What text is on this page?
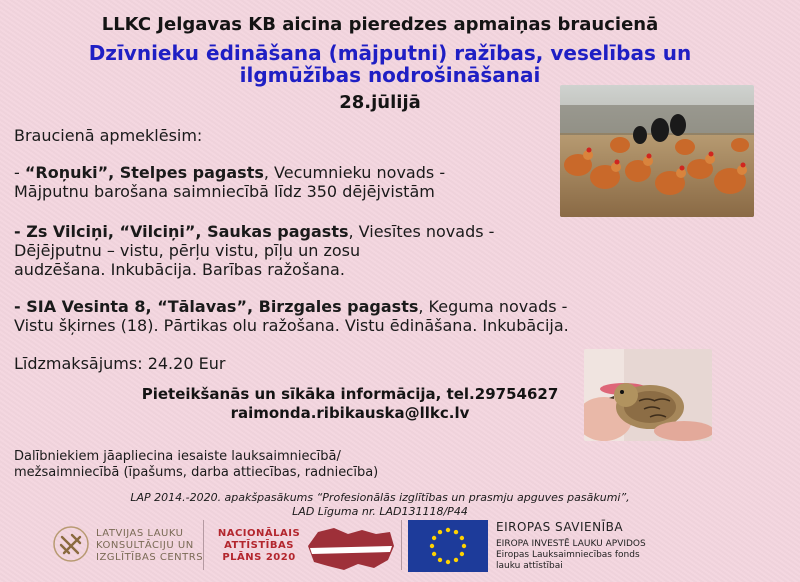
LLKC Jelgavas KB aicina pieredzes apmaiņas braucienā
Dzīvnieku ēdināšana (mājputni) ražības, veselības un
ilgmūžības nodrošināšanai
28.jūlijā
Braucienā apmeklēsim:
- “Roņuki”, Stelpes pagasts, Vecumnieku novads -
Mājputnu barošana saimniecībā līdz 350 dējējvistām
- Zs Vilciņi, “Vilciņi”, Saukas pagasts, Viesītes novads -
Dējējputnu – vistu, pērļu vistu, pīļu un zosu
audzēšana. Inkubācija. Barības ražošana.
- SIA Vesinta 8, “Tālavas”, Birzgales pagasts, Keguma novads -
Vistu šķirnes (18). Pārtikas olu ražošana. Vistu ēdināšana. Inkubācija.
Līdzmaksājums: 24.20 Eur
Pieteikšanās un sīkāka informācija, tel.29754627
raimonda.ribikauska@llkc.lv
Dalībniekiem jāapliecina iesaiste lauksaimniecībā/
mežsaimniecībā (īpašums, darba attiecības, radniecība)
LAP 2014.-2020. apakšpasākums “Profesionālās izglītības un prasmju apguves pasākumi”,
LAD Līguma nr. LAD131118/P44
LATVIJAS LAUKU
KONSULTĀCIJU UN
IZGLĪTĪBAS CENTRS
NACIONĀLAIS
ATTĪSTĪBAS
PLĀNS 2020
EIROPAS SAVIENĪBA
EIROPA INVESTĒ LAUKU APVIDOS
Eiropas Lauksaimniecības fonds
lauku attīstībai
